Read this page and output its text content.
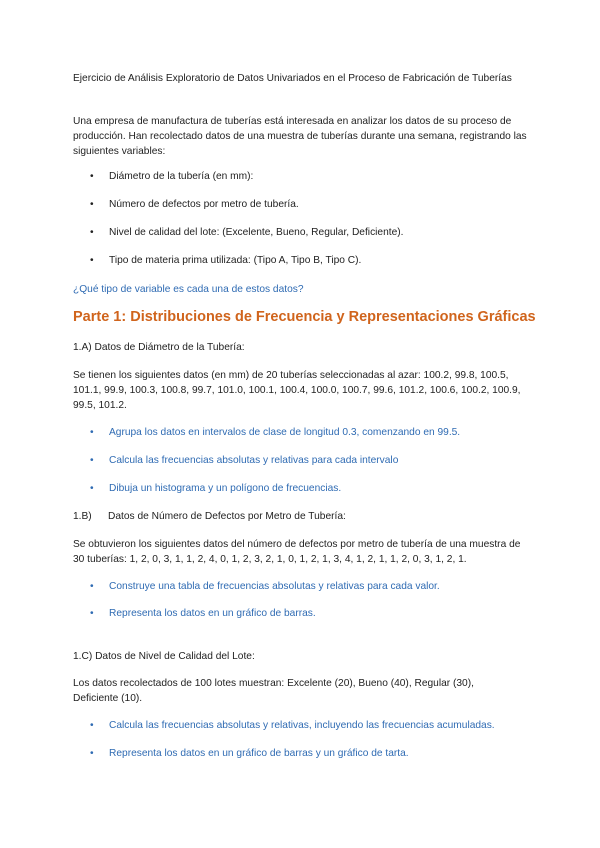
Ejercicio de Análisis Exploratorio de Datos Univariados en el Proceso de Fabricación de Tuberías

Una empresa de manufactura de tuberías está interesada en analizar los datos de su proceso de producción. Han recolectado datos de una muestra de tuberías durante una semana, registrando las siguientes variables:

•	Diámetro de la tubería (en mm):
•	Número de defectos por metro de tubería.
•	Nivel de calidad del lote: (Excelente, Bueno, Regular, Deficiente).
•	Tipo de materia prima utilizada: (Tipo A, Tipo B, Tipo C).

¿Qué tipo de variable es cada una de estos datos?

Parte 1: Distribuciones de Frecuencia y Representaciones Gráficas

1.A) Datos de Diámetro de la Tubería:

Se tienen los siguientes datos (en mm) de 20 tuberías seleccionadas al azar: 100.2, 99.8, 100.5, 101.1, 99.9, 100.3, 100.8, 99.7, 101.0, 100.1, 100.4, 100.0, 100.7, 99.6, 101.2, 100.6, 100.2, 100.9, 99.5, 101.2.

•	Agrupa los datos en intervalos de clase de longitud 0.3, comenzando en 99.5.
•	Calcula las frecuencias absolutas y relativas para cada intervalo
•	Dibuja un histograma y un polígono de frecuencias.
1.B) Datos de Número de Defectos por Metro de Tubería:

Se obtuvieron los siguientes datos del número de defectos por metro de tubería de una muestra de 30 tuberías: 1, 2, 0, 3, 1, 1, 2, 4, 0, 1, 2, 3, 2, 1, 0, 1, 2, 1, 3, 4, 1, 2, 1, 1, 2, 0, 3, 1, 2, 1.

•	Construye una tabla de frecuencias absolutas y relativas para cada valor.
•	Representa los datos en un gráfico de barras.

1.C) Datos de Nivel de Calidad del Lote:

Los datos recolectados de 100 lotes muestran: Excelente (20), Bueno (40), Regular (30), Deficiente (10).

•	Calcula las frecuencias absolutas y relativas, incluyendo las frecuencias acumuladas.
•	Representa los datos en un gráfico de barras y un gráfico de tarta.
